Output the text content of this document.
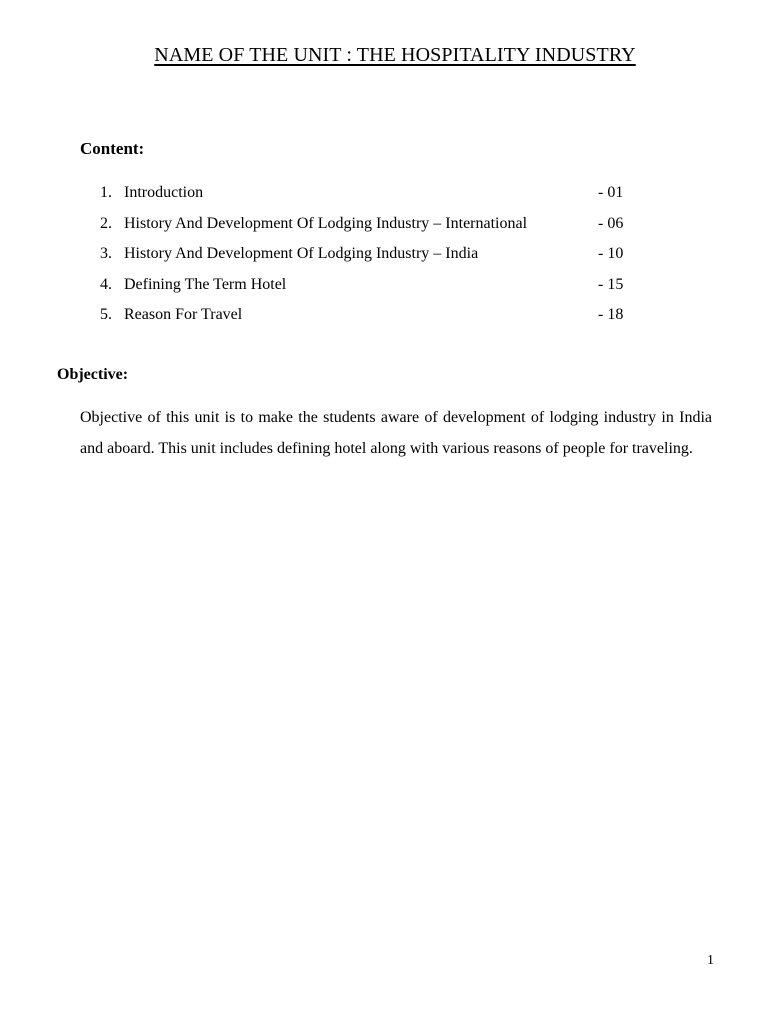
NAME OF THE UNIT : THE HOSPITALITY INDUSTRY
Content:
1. Introduction	- 01
2. History And Development Of Lodging Industry – International	- 06
3. History And Development Of Lodging Industry – India	- 10
4. Defining The Term Hotel	- 15
5. Reason For Travel	- 18
Objective:

Objective of this unit is to make the students aware of development of lodging industry in India and aboard. This unit includes defining hotel along with various reasons of people for traveling.

1
